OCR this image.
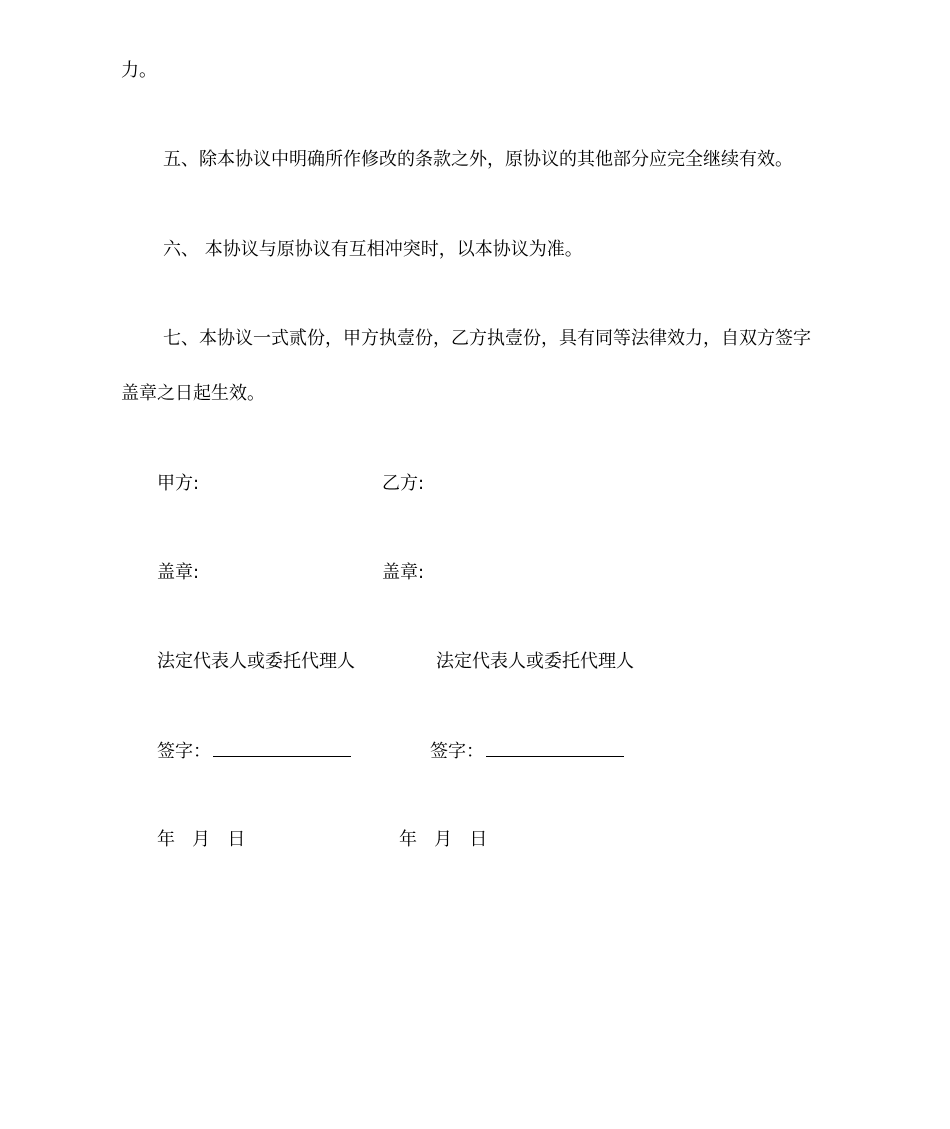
力。
五、除本协议中明确所作修改的条款之外，原协议的其他部分应完全继续有效。
六、 本协议与原协议有互相冲突时，以本协议为准。
七、本协议一式贰份，甲方执壹份，乙方执壹份，具有同等法律效力，自双方签字
盖章之日起生效。
甲方:
盖章:
法定代表人或委托代理人
签字：
年   月   日
乙方:
盖章:
法定代表人或委托代理人
签字：
年   月   日
